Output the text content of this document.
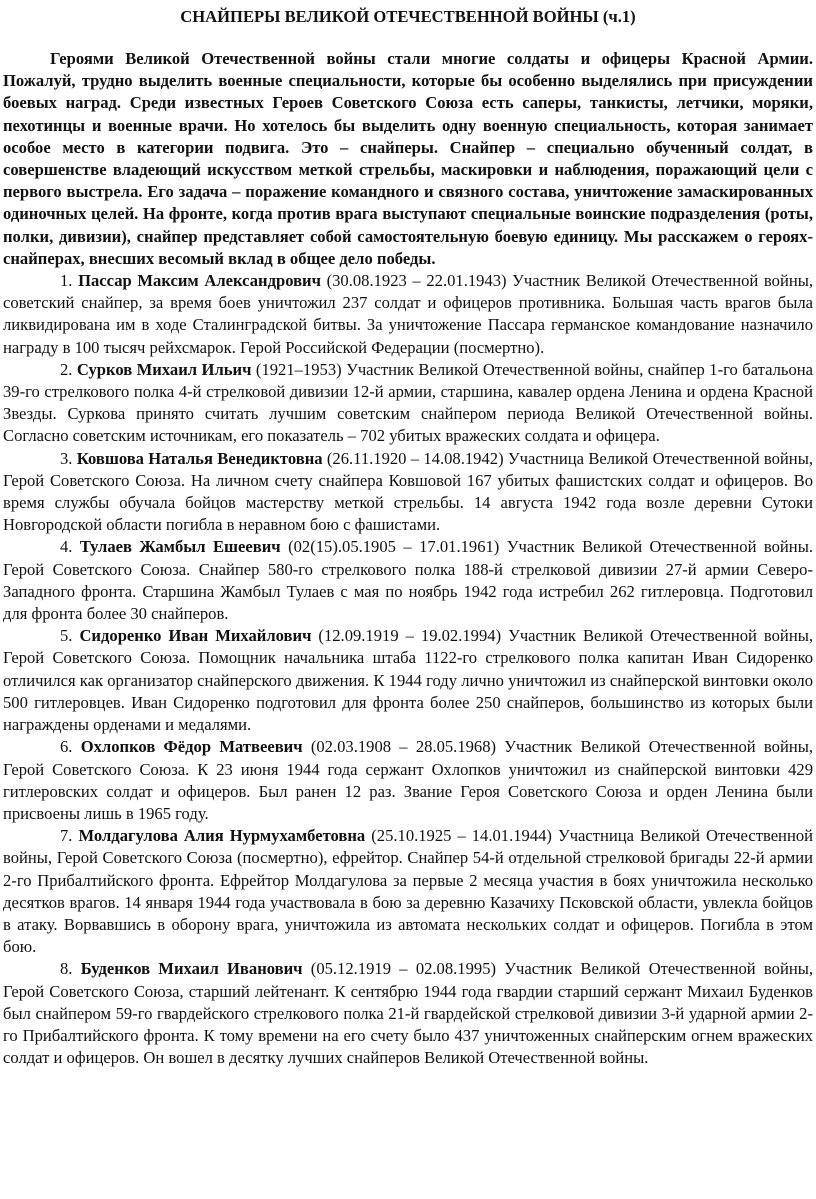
СНАЙПЕРЫ ВЕЛИКОЙ ОТЕЧЕСТВЕННОЙ ВОЙНЫ (ч.1)

Героями Великой Отечественной войны стали многие солдаты и офицеры Красной Армии. Пожалуй, трудно выделить военные специальности, которые бы особенно выделялись при присуждении боевых наград. Среди известных Героев Советского Союза есть саперы, танкисты, летчики, моряки, пехотинцы и военные врачи. Но хотелось бы выделить одну военную специальность, которая занимает особое место в категории подвига. Это – снайперы. Снайпер – специально обученный солдат, в совершенстве владеющий искусством меткой стрельбы, маскировки и наблюдения, поражающий цели с первого выстрела. Его задача – поражение командного и связного состава, уничтожение замаскированных одиночных целей. На фронте, когда против врага выступают специальные воинские подразделения (роты, полки, дивизии), снайпер представляет собой самостоятельную боевую единицу. Мы расскажем о героях-снайперах, внесших весомый вклад в общее дело победы.

1. Пассар Максим Александрович (30.08.1923 – 22.01.1943) Участник Великой Отечественной войны, советский снайпер, за время боев уничтожил 237 солдат и офицеров противника. Большая часть врагов была ликвидирована им в ходе Сталинградской битвы. За уничтожение Пассара германское командование назначило награду в 100 тысяч рейхсмарок. Герой Российской Федерации (посмертно).
2. Сурков Михаил Ильич (1921–1953) Участник Великой Отечественной войны, снайпер 1-го батальона 39-го стрелкового полка 4-й стрелковой дивизии 12-й армии, старшина, кавалер ордена Ленина и ордена Красной Звезды. Суркова принято считать лучшим советским снайпером периода Великой Отечественной войны. Согласно советским источникам, его показатель – 702 убитых вражеских солдата и офицера.
3. Ковшова Наталья Венедиктовна (26.11.1920 – 14.08.1942) Участница Великой Отечественной войны, Герой Советского Союза. На личном счету снайпера Ковшовой 167 убитых фашистских солдат и офицеров. Во время службы обучала бойцов мастерству меткой стрельбы. 14 августа 1942 года возле деревни Сутоки Новгородской области погибла в неравном бою с фашистами.
4. Тулаев Жамбыл Ешеевич (02(15).05.1905 – 17.01.1961) Участник Великой Отечественной войны. Герой Советского Союза. Снайпер 580-го стрелкового полка 188-й стрелковой дивизии 27-й армии Северо-Западного фронта. Старшина Жамбыл Тулаев с мая по ноябрь 1942 года истребил 262 гитлеровца. Подготовил для фронта более 30 снайперов.
5. Сидоренко Иван Михайлович (12.09.1919 – 19.02.1994) Участник Великой Отечественной войны, Герой Советского Союза. Помощник начальника штаба 1122-го стрелкового полка капитан Иван Сидоренко отличился как организатор снайперского движения. К 1944 году лично уничтожил из снайперской винтовки около 500 гитлеровцев. Иван Сидоренко подготовил для фронта более 250 снайперов, большинство из которых были награждены орденами и медалями.
6. Охлопков Фёдор Матвеевич (02.03.1908 – 28.05.1968) Участник Великой Отечественной войны, Герой Советского Союза. К 23 июня 1944 года сержант Охлопков уничтожил из снайперской винтовки 429 гитлеровских солдат и офицеров. Был ранен 12 раз. Звание Героя Советского Союза и орден Ленина были присвоены лишь в 1965 году.
7. Молдагулова Алия Нурмухамбетовна (25.10.1925 – 14.01.1944) Участница Великой Отечественной войны, Герой Советского Союза (посмертно), ефрейтор. Снайпер 54-й отдельной стрелковой бригады 22-й армии 2-го Прибалтийского фронта. Ефрейтор Молдагулова за первые 2 месяца участия в боях уничтожила несколько десятков врагов. 14 января 1944 года участвовала в бою за деревню Казачиху Псковской области, увлекла бойцов в атаку. Ворвавшись в оборону врага, уничтожила из автомата нескольких солдат и офицеров. Погибла в этом бою.
8. Буденков Михаил Иванович (05.12.1919 – 02.08.1995) Участник Великой Отечественной войны, Герой Советского Союза, старший лейтенант. К сентябрю 1944 года гвардии старший сержант Михаил Буденков был снайпером 59-го гвардейского стрелкового полка 21-й гвардейской стрелковой дивизии 3-й ударной армии 2-го Прибалтийского фронта. К тому времени на его счету было 437 уничтоженных снайперским огнем вражеских солдат и офицеров. Он вошел в десятку лучших снайперов Великой Отечественной войны.
